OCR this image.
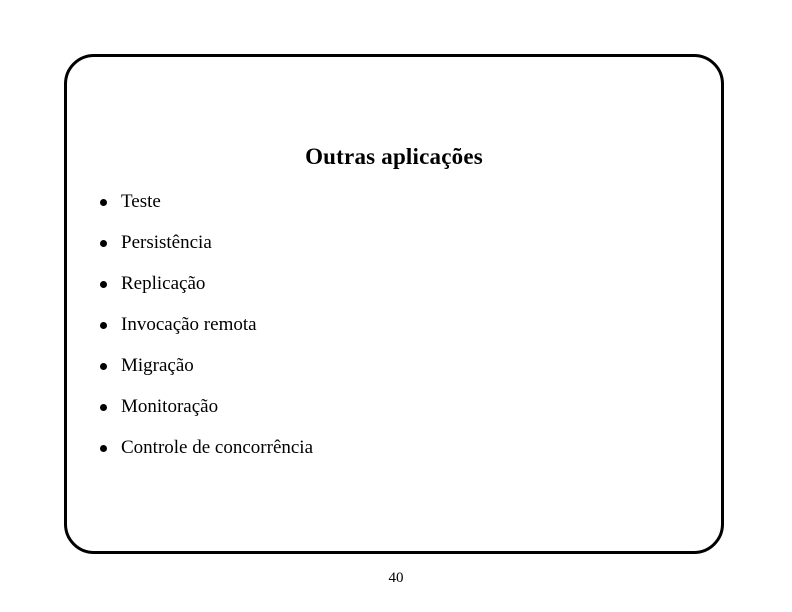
Outras aplicações
Teste
Persistência
Replicação
Invocação remota
Migração
Monitoração
Controle de concorrência
40
